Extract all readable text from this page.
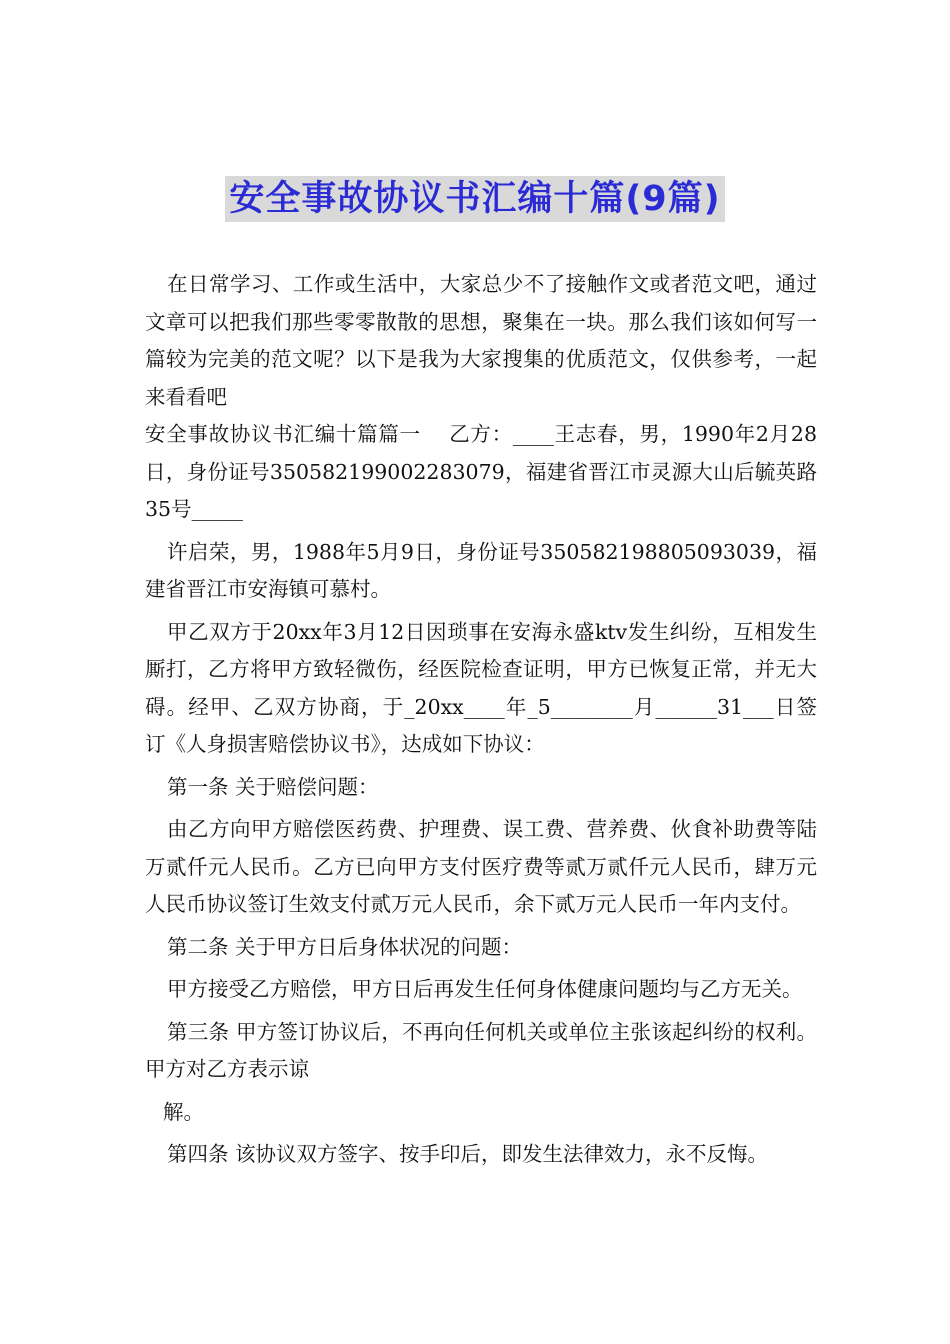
安全事故协议书汇编十篇(9篇)

在日常学习、工作或生活中，大家总少不了接触作文或者范文吧，通过文章可以把我们那些零零散散的思想，聚集在一块。那么我们该如何写一篇较为完美的范文呢？以下是我为大家搜集的优质范文，仅供参考，一起来看看吧

安全事故协议书汇编十篇篇一　 乙方：____王志春，男，1990年2月28日，身份证号350582199002283079，福建省晋江市灵源大山后毓英路35号_____

许启荣，男，1988年5月9日，身份证号350582198805093039，福建省晋江市安海镇可慕村。

甲乙双方于20xx年3月12日因琐事在安海永盛ktv发生纠纷，互相发生厮打，乙方将甲方致轻微伤，经医院检查证明，甲方已恢复正常，并无大碍。经甲、乙双方协商，于_20xx____年_5________月______31___日签订《人身损害赔偿协议书》，达成如下协议：

第一条 关于赔偿问题：

由乙方向甲方赔偿医药费、护理费、误工费、营养费、伙食补助费等陆万贰仟元人民币。乙方已向甲方支付医疗费等贰万贰仟元人民币，肆万元人民币协议签订生效支付贰万元人民币，余下贰万元人民币一年内支付。

第二条 关于甲方日后身体状况的问题：

甲方接受乙方赔偿，甲方日后再发生任何身体健康问题均与乙方无关。

第三条 甲方签订协议后，不再向任何机关或单位主张该起纠纷的权利。甲方对乙方表示谅

解。

第四条 该协议双方签字、按手印后，即发生法律效力，永不反悔。
